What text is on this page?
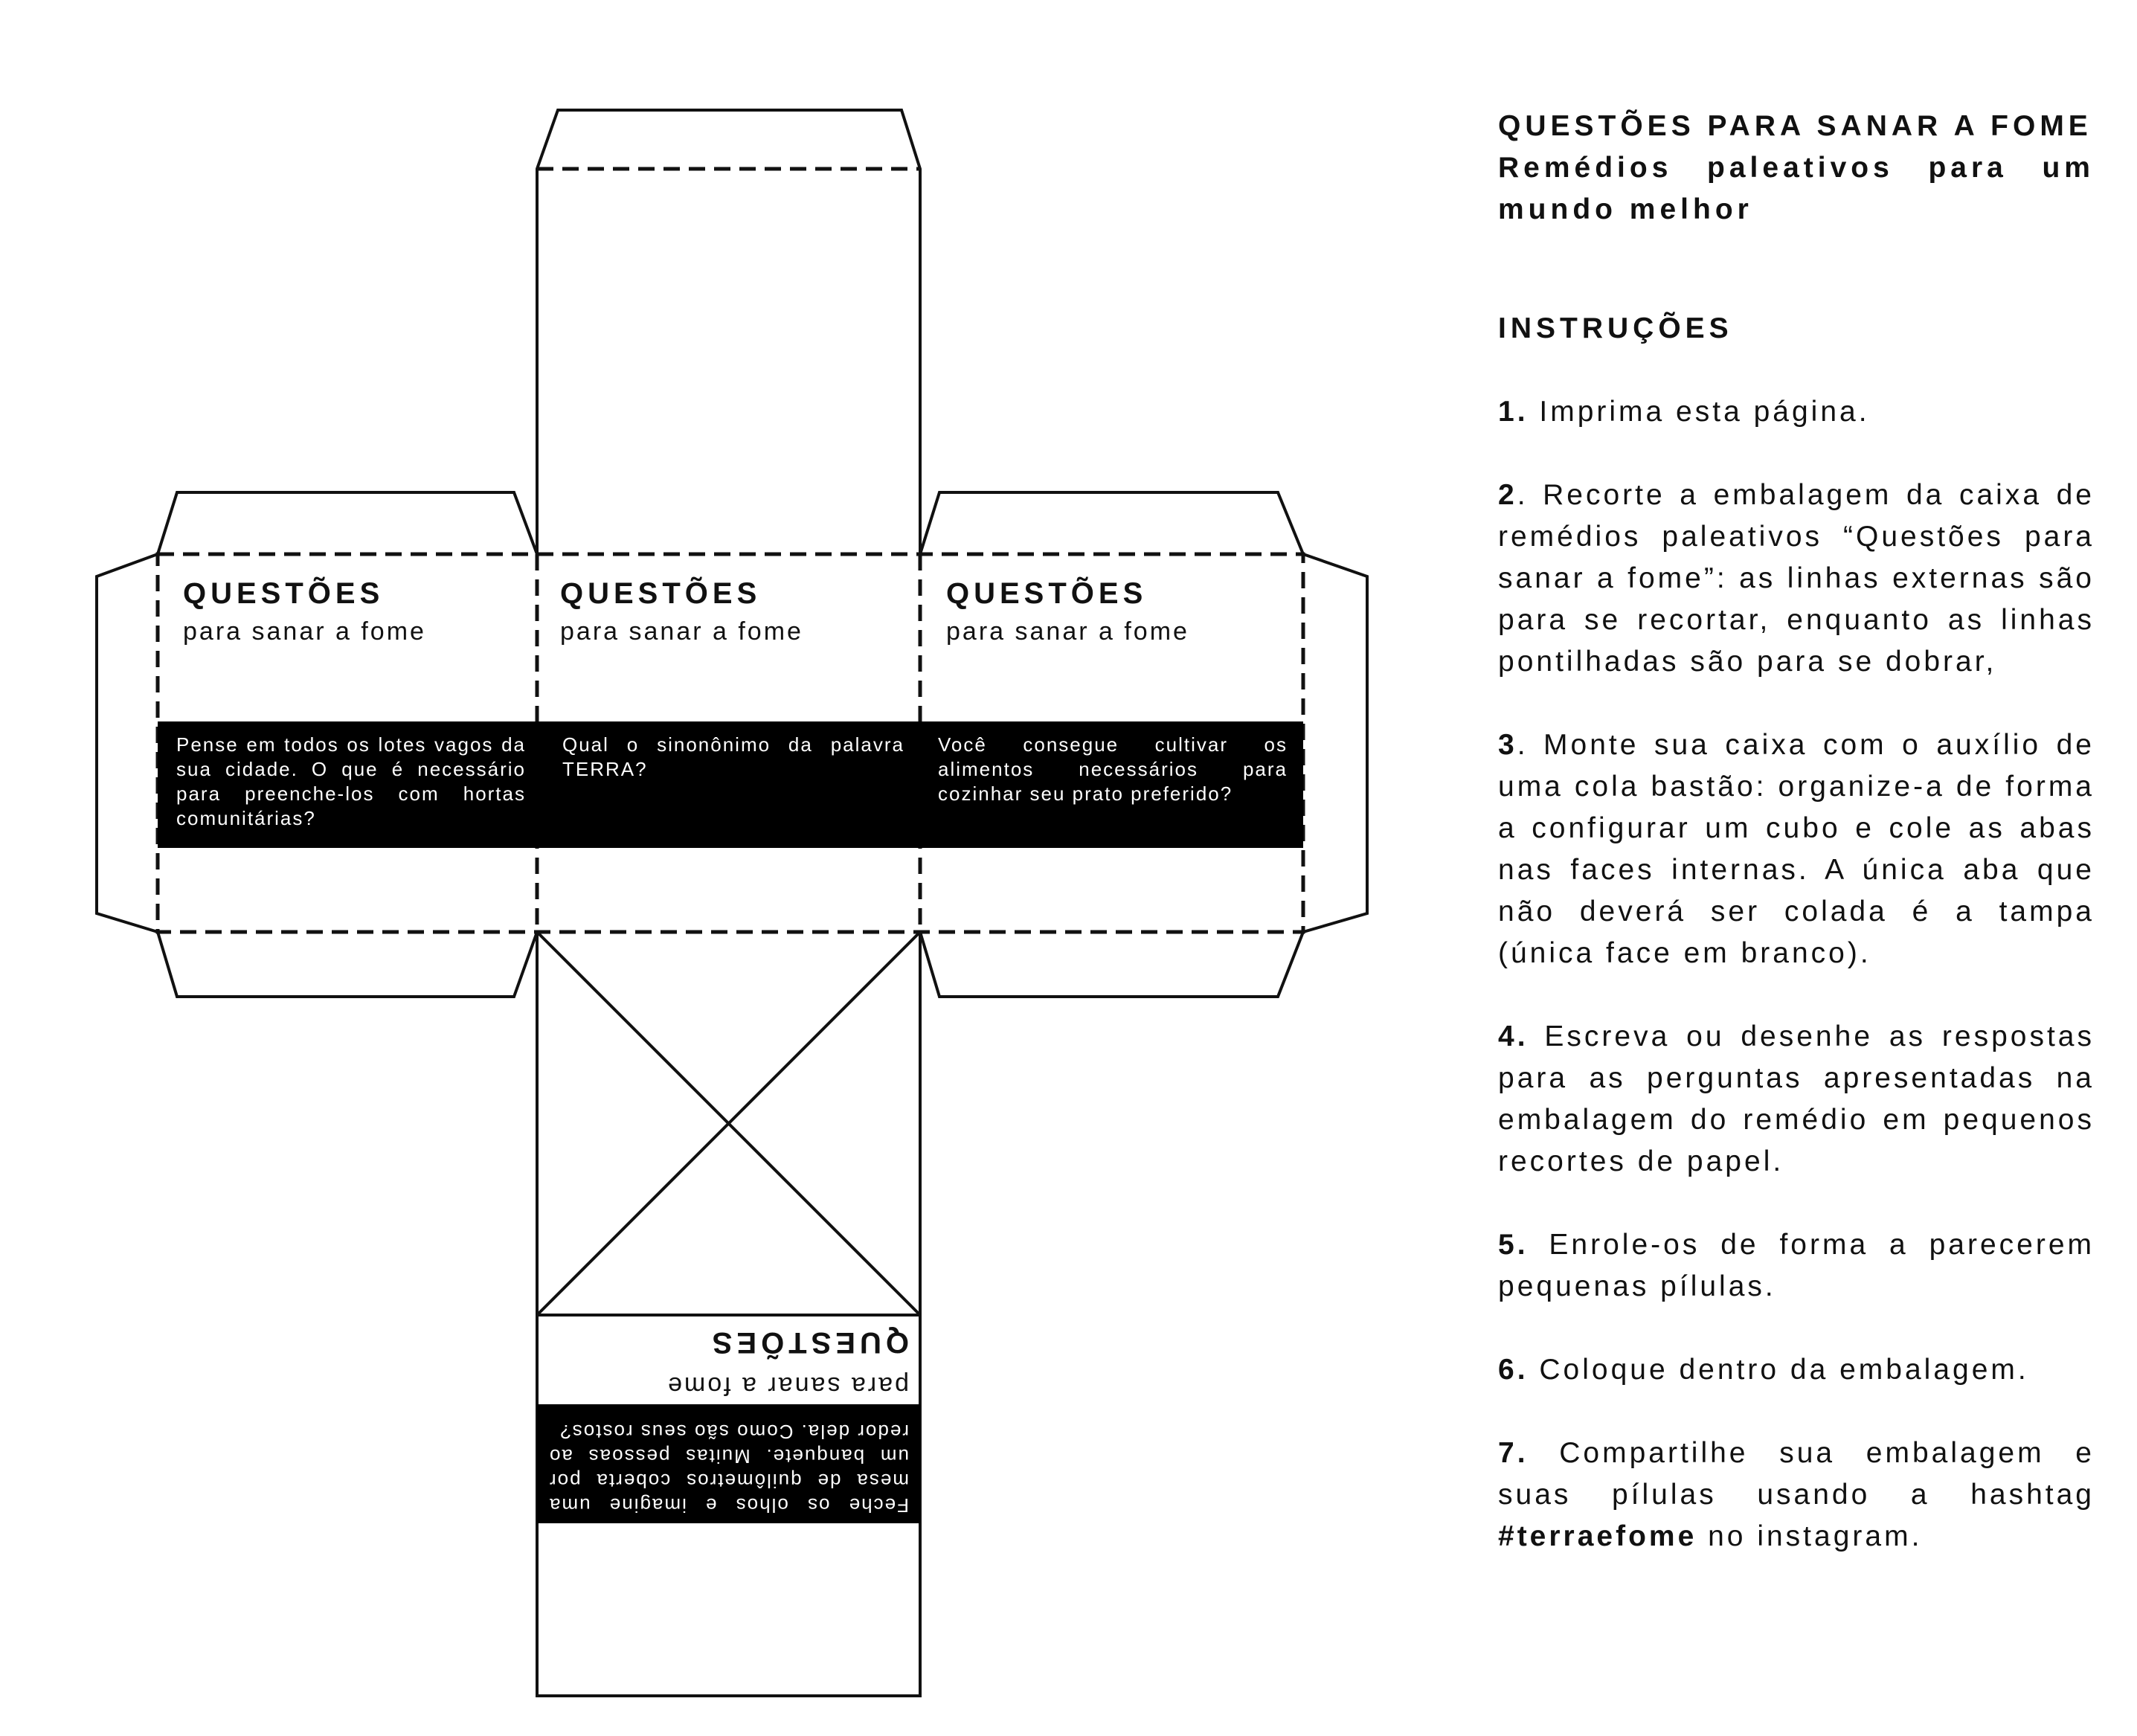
QUESTÕES
para sanar a fome
Pense em todos os lotes vagos da sua cidade. O que é necessário para preenche-los com hortas comunitárias?
QUESTÕES
para sanar a fome
Qual o sinonônimo da palavra TERRA?
QUESTÕES
para sanar a fome
Você consegue cultivar os alimentos necessários para cozinhar seu prato preferido?
QUESTÕES
para sanar a fome
Feche os olhos e imagine uma mesa de quilômetros coberta por um banquete. Muitas pessoas ao redor dela. Como são seus rostos?

QUESTÕES PARA SANAR A FOME

Remédios paleativos para um mundo melhor

INSTRUÇÕES

1. Imprima esta página.

2. Recorte a embalagem da caixa de remédios paleativos “Questões para sanar a fome”: as linhas externas são para se recortar, enquanto as linhas pontilhadas são para se dobrar,

3. Monte sua caixa com o auxílio de uma cola bastão: organize-a de forma a configurar um cubo e cole as abas nas faces internas. A única aba que não deverá ser colada é a tampa (única face em branco).

4. Escreva ou desenhe as respostas para as perguntas apresentadas na embalagem do remédio em pequenos recortes de papel.

5. Enrole-os de forma a parecerem pequenas pílulas.

6. Coloque dentro da embalagem.

7. Compartilhe sua embalagem e suas pílulas usando a hashtag #terraefome no instagram.
